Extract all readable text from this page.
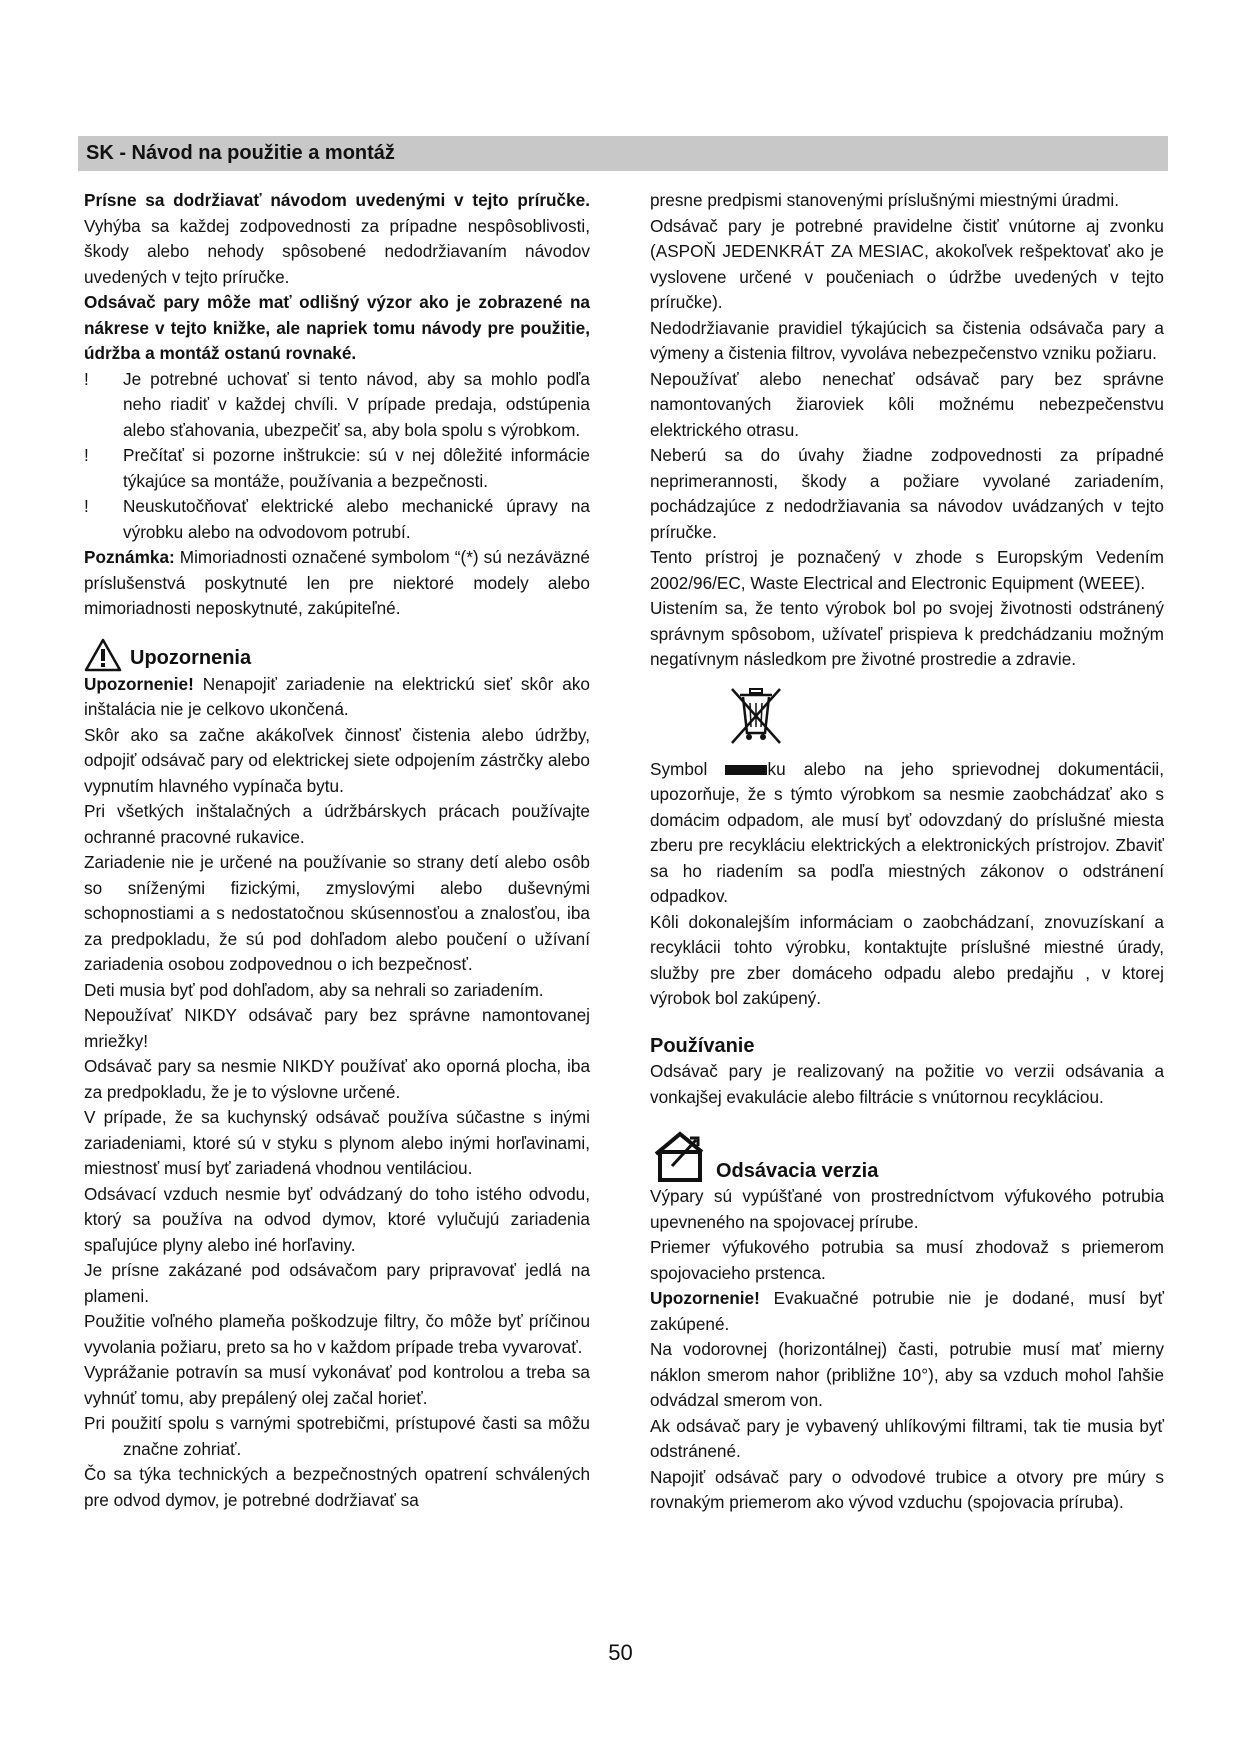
SK - Návod na použitie a montáž

Prísne sa dodržiavať návodom uvedenými v tejto príručke. Vyhýba sa každej zodpovednosti za prípadne nespôsoblivosti, škody alebo nehody spôsobené nedodržiavaním návodov uvedených v tejto príručke.

Odsávač pary môže mať odlišný výzor ako je zobrazené na nákrese v tejto knižke, ale napriek tomu návody pre použitie, údržba a montáž ostanú rovnaké.

! Je potrebné uchovať si tento návod, aby sa mohlo podľa neho riadiť v každej chvíli. V prípade predaja, odstúpenia alebo sťahovania, ubezpečiť sa, aby bola spolu s výrobkom.
! Prečítať si pozorne inštrukcie: sú v nej dôležité informácie týkajúce sa montáže, používania a bezpečnosti.
! Neuskutočňovať elektrické alebo mechanické úpravy na výrobku alebo na odvodovom potrubí.

Poznámka: Mimoriadnosti označené symbolom “(*) sú nezáväzné príslušenstvá poskytnuté len pre niektoré modely alebo mimoriadnosti neposkytnuté, zakúpiteľné.

Upozornenia

Upozornenie! Nenapojiť zariadenie na elektrickú sieť skôr ako inštalácia nie je celkovo ukončená.

Skôr ako sa začne akákoľvek činnosť čistenia alebo údržby, odpojiť odsávač pary od elektrickej siete odpojením zástrčky alebo vypnutím hlavného vypínača bytu.

Pri všetkých inštalačných a údržbárskych prácach používajte ochranné pracovné rukavice.

Zariadenie nie je určené na používanie so strany detí alebo osôb so sníženými fizickými, zmyslovými alebo duševnými schopnostiami a s nedostatočnou skúsennosťou a znalosťou, iba za predpokladu, že sú pod dohľadom alebo poučení o užívaní zariadenia osobou zodpovednou o ich bezpečnosť.

Deti musia byť pod dohľadom, aby sa nehrali so zariadením.

Nepoužívať NIKDY odsávač pary bez správne namontovanej mriežky!

Odsávač pary sa nesmie NIKDY používať ako oporná plocha, iba za predpokladu, že je to výslovne určené.

V prípade, že sa kuchynský odsávač používa súčastne s inými zariadeniami, ktoré sú v styku s plynom alebo inými horľavinami, miestnosť musí byť zariadená vhodnou ventiláciou.

Odsávací vzduch nesmie byť odvádzaný do toho istého odvodu, ktorý sa používa na odvod dymov, ktoré vylučujú zariadenia spaľujúce plyny alebo iné horľaviny.

Je prísne zakázané pod odsávačom pary pripravovať jedlá na plameni.

Použitie voľného plameňa poškodzuje filtry, čo môže byť príčinou vyvolania požiaru, preto sa ho v každom prípade treba vyvarovať.

Vyprážanie potravín sa musí vykonávať pod kontrolou a treba sa vyhnúť tomu, aby prepálený olej začal horieť.

Pri použití spolu s varnými spotrebičmi, prístupové časti sa môžu značne zohriať.

Čo sa týka technických a bezpečnostných opatrení schválených pre odvod dymov, je potrebné dodržiavať sa

presne predpismi stanovenými príslušnými miestnými úradmi.

Odsávač pary je potrebné pravidelne čistiť vnútorne aj zvonku (ASPOŇ JEDENKRÁT ZA MESIAC, akokoľvek rešpektovať ako je vyslovene určené v poučeniach o údržbe uvedených v tejto príručke).

Nedodržiavanie pravidiel týkajúcich sa čistenia odsávača pary a výmeny a čistenia filtrov, vyvoláva nebezpečenstvo vzniku požiaru.

Nepoužívať alebo nenechať odsávač pary bez správne namontovaných žiaroviek kôli možnému nebezpečenstvu elektrického otrasu.

Neberú sa do úvahy žiadne zodpovednosti za prípadné neprimerannosti, škody a požiare vyvolané zariadením, pochádzajúce z nedodržiavania sa návodov uvádzaných v tejto príručke.

Tento prístroj je poznačený v zhode s Europským Vedením 2002/96/EC, Waste Electrical and Electronic Equipment (WEEE).

Uistením sa, že tento výrobok bol po svojej životnosti odstránený správnym spôsobom, užívateľ prispieva k predchádzaniu možným negatívnym následkom pre životné prostredie a zdravie.

Symbol ku alebo na jeho sprievodnej dokumentácii, upozorňuje, že s týmto výrobkom sa nesmie zaobchádzať ako s domácim odpadom, ale musí byť odovzdaný do príslušné miesta zberu pre recykláciu elektrických a elektronických prístrojov. Zbaviť sa ho riadením sa podľa miestných zákonov o odstránení odpadkov.

Kôli dokonalejším informáciam o zaobchádzaní, znovuzískaní a recyklácii tohto výrobku, kontaktujte príslušné miestné úrady, služby pre zber domáceho odpadu alebo predajňu , v ktorej výrobok bol zakúpený.

Používanie

Odsávač pary je realizovaný na požitie vo verzii odsávania a vonkajšej evakulácie alebo filtrácie s vnútornou recykláciou.

Odsávacia verzia

Výpary sú vypúšťané von prostredníctvom výfukového potrubia upevneného na spojovacej prírube.

Priemer výfukového potrubia sa musí zhodovaž s priemerom spojovacieho prstenca.

Upozornenie! Evakuačné potrubie nie je dodané, musí byť zakúpené.

Na vodorovnej (horizontálnej) časti, potrubie musí mať mierny náklon smerom nahor (približne 10°), aby sa vzduch mohol ľahšie odvádzal smerom von.

Ak odsávač pary je vybavený uhlíkovými filtrami, tak tie musia byť odstránené.

Napojiť odsávač pary o odvodové trubice a otvory pre múry s rovnakým priemerom ako vývod vzduchu (spojovacia príruba).

50
